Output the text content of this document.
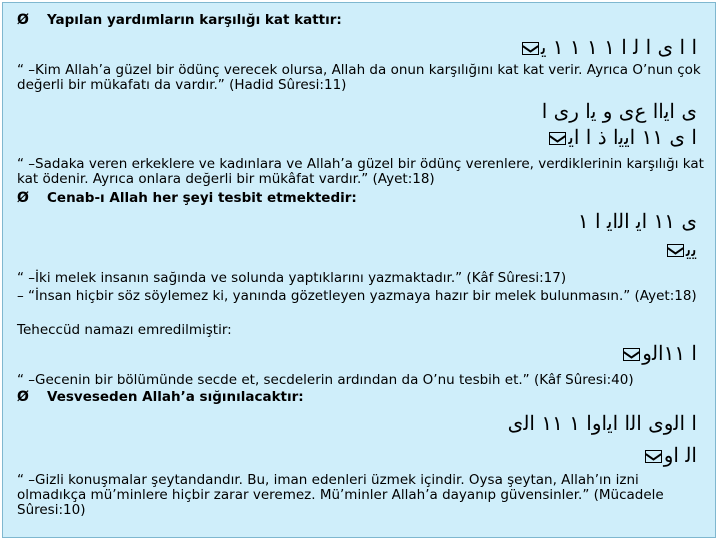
Ø Yapılan yardımların karşılığı kat kattır:
ا ا ى ا ﻟ ا ١ ١ ١ ١ ﻳ
“ –Kim Allah’a güzel bir ödünç verecek olursa, Allah da onun karşılığını kat kat verir. Ayrıca O’nun çok değerli bir mükafatı da vardır.” (Hadid Sûresi:11)
ﻯ ﺍﻳﺍﺍ ﻉﻯ ﻭ ﻳﺍ ﺭﻯ ﺍ
ﺍ ﻯ ١١ ﺍﻳﻳﺍ ﺫ ﺍ ﺍﻳ
“ –Sadaka veren erkeklere ve kadınlara ve Allah’a güzel bir ödünç verenlere, verdiklerinin karşılığı kat kat ödenir. Ayrıca onlara değerli bir mükâfat vardır.” (Ayet:18)
Ø Cenab-ı Allah her şeyi tesbit etmektedir:
ﻯ ١١ ﺍﻳ ﺍﻟﺍﻳ ﺍ ١
ﻳﻳ
“ –İki melek insanın sağında ve solunda yaptıklarını yazmaktadır.” (Kâf Sûresi:17)
– “İnsan hiçbir söz söylemez ki, yanında gözetleyen yazmaya hazır bir melek bulunmasın.” (Ayet:18)
Teheccüd namazı emredilmiştir:
ﺍ ١١ﺍﻟﻭ
“ –Gecenin bir bölümünde secde et, secdelerin ardından da O’nu tesbih et.” (Kâf Sûresi:40)
Ø Vesveseden Allah’a sığınılacaktır:
ﺍ ﺍﻟﻭﻯ ﺍﻟﺍ ﺍﻳﺍﻭﺍ ١ ١١ ﺍﻟﻯ
ﺍﻟ ﺍﻭ
“ –Gizli konuşmalar şeytandandır. Bu, iman edenleri üzmek içindir. Oysa şeytan, Allah’ın izni olmadıkça mü’minlere hiçbir zarar veremez. Mü’minler Allah’a dayanıp güvensinler.” (Mücadele Sûresi:10)
